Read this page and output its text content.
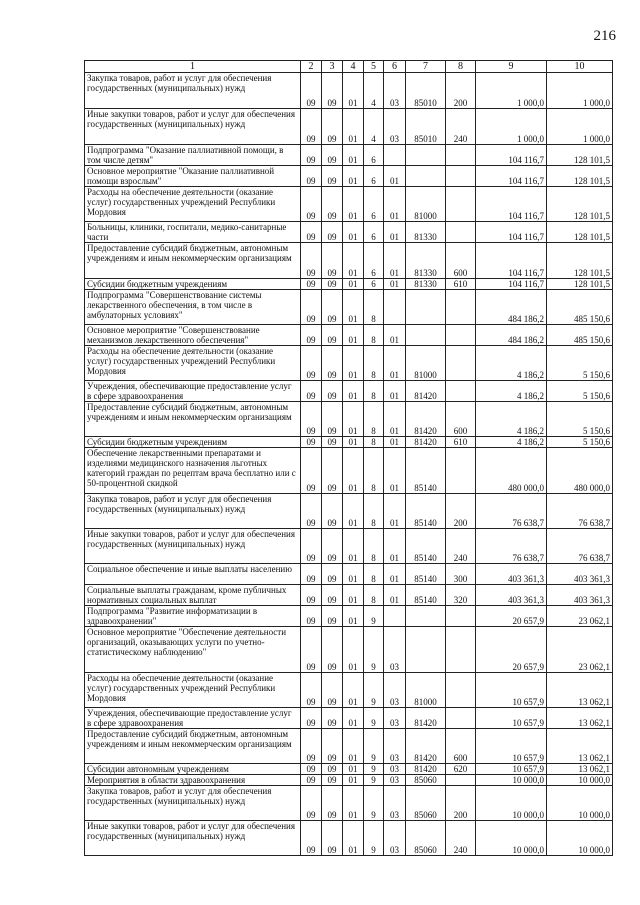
216
1	2	3	4	5	6	7	8	9	10
Закупка товаров, работ и услуг для обеспечения государственных (муниципальных) нужд	09	09	01	4	03	85010	200	1 000,0	1 000,0
Иные закупки товаров, работ и услуг для обеспечения государственных (муниципальных) нужд	09	09	01	4	03	85010	240	1 000,0	1 000,0
Подпрограмма "Оказание паллиативной помощи, в том числе детям"	09	09	01	6				104 116,7	128 101,5
Основное мероприятие "Оказание паллиативной помощи взрослым"	09	09	01	6	01			104 116,7	128 101,5
Расходы на обеспечение деятельности (оказание услуг) государственных учреждений Республики Мордовия	09	09	01	6	01	81000		104 116,7	128 101,5
Больницы, клиники, госпитали, медико-санитарные части	09	09	01	6	01	81330		104 116,7	128 101,5
Предоставление субсидий бюджетным, автономным учреждениям и иным некоммерческим организациям	09	09	01	6	01	81330	600	104 116,7	128 101,5
Субсидии бюджетным учреждениям	09	09	01	6	01	81330	610	104 116,7	128 101,5
Подпрограмма "Совершенствование системы лекарственного обеспечения, в том числе в амбулаторных условиях"	09	09	01	8				484 186,2	485 150,6
Основное мероприятие "Совершенствование механизмов лекарственного обеспечения"	09	09	01	8	01			484 186,2	485 150,6
Расходы на обеспечение деятельности (оказание услуг) государственных учреждений Республики Мордовия	09	09	01	8	01	81000		4 186,2	5 150,6
Учреждения, обеспечивающие предоставление услуг в сфере здравоохранения	09	09	01	8	01	81420		4 186,2	5 150,6
Предоставление субсидий бюджетным, автономным учреждениям и иным некоммерческим организациям	09	09	01	8	01	81420	600	4 186,2	5 150,6
Субсидии бюджетным учреждениям	09	09	01	8	01	81420	610	4 186,2	5 150,6
Обеспечение лекарственными препаратами и изделиями медицинского назначения льготных категорий граждан по рецептам врача бесплатно или с 50-процентной скидкой	09	09	01	8	01	85140		480 000,0	480 000,0
Закупка товаров, работ и услуг для обеспечения государственных (муниципальных) нужд	09	09	01	8	01	85140	200	76 638,7	76 638,7
Иные закупки товаров, работ и услуг для обеспечения государственных (муниципальных) нужд	09	09	01	8	01	85140	240	76 638,7	76 638,7
Социальное обеспечение и иные выплаты населению	09	09	01	8	01	85140	300	403 361,3	403 361,3
Социальные выплаты гражданам, кроме публичных нормативных социальных выплат	09	09	01	8	01	85140	320	403 361,3	403 361,3
Подпрограмма "Развитие информатизации в здравоохранении"	09	09	01	9				20 657,9	23 062,1
Основное мероприятие "Обеспечение деятельности организаций, оказывающих услуги по учетно-статистическому наблюдению"	09	09	01	9	03			20 657,9	23 062,1
Расходы на обеспечение деятельности (оказание услуг) государственных учреждений Республики Мордовия	09	09	01	9	03	81000		10 657,9	13 062,1
Учреждения, обеспечивающие предоставление услуг в сфере здравоохранения	09	09	01	9	03	81420		10 657,9	13 062,1
Предоставление субсидий бюджетным, автономным учреждениям и иным некоммерческим организациям	09	09	01	9	03	81420	600	10 657,9	13 062,1
Субсидии автономным учреждениям	09	09	01	9	03	81420	620	10 657,9	13 062,1
Мероприятия в области здравоохранения	09	09	01	9	03	85060		10 000,0	10 000,0
Закупка товаров, работ и услуг для обеспечения государственных (муниципальных) нужд	09	09	01	9	03	85060	200	10 000,0	10 000,0
Иные закупки товаров, работ и услуг для обеспечения государственных (муниципальных) нужд	09	09	01	9	03	85060	240	10 000,0	10 000,0
